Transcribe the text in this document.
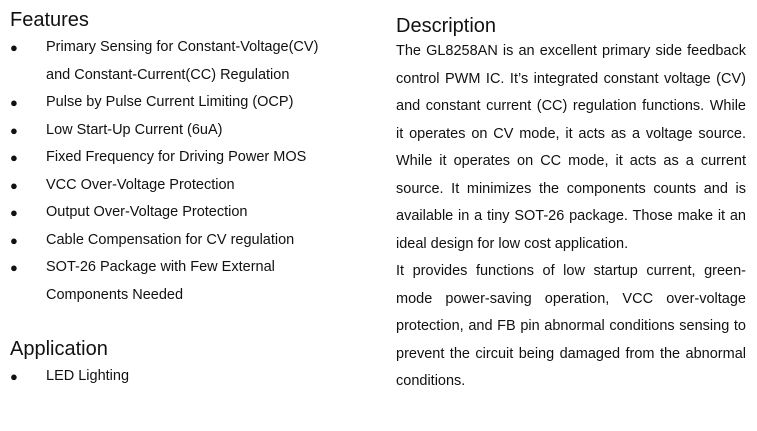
Features
● Primary Sensing for Constant-Voltage(CV)
and Constant-Current(CC) Regulation
● Pulse by Pulse Current Limiting (OCP)
● Low Start-Up Current (6uA)
● Fixed Frequency for Driving Power MOS
● VCC Over-Voltage Protection
● Output Over-Voltage Protection
● Cable Compensation for CV regulation
● SOT-26 Package with Few External
Components Needed
Application
● LED Lighting
Description

The GL8258AN is an excellent primary side feedback control PWM IC. It’s integrated constant voltage (CV) and constant current (CC) regulation functions. While it operates on CV mode, it acts as a voltage source. While it operates on CC mode, it acts as a current source. It minimizes the components counts and is available in a tiny SOT-26 package. Those make it an ideal design for low cost application.

It provides functions of low startup current, green-mode power-saving operation, VCC over-voltage protection, and FB pin abnormal conditions sensing to prevent the circuit being damaged from the abnormal conditions.
